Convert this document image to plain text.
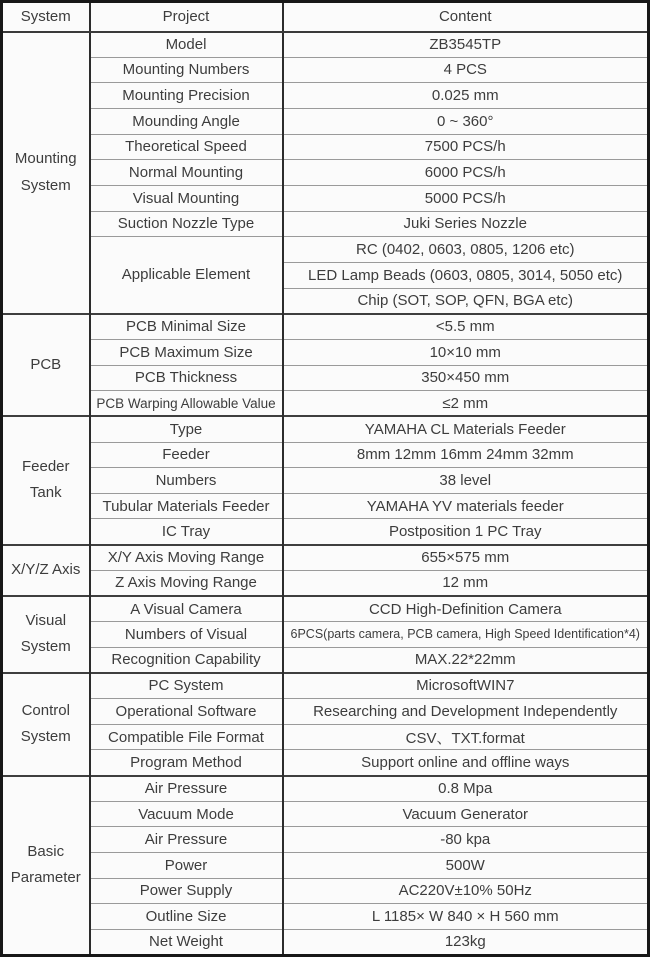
System	Project	Content
Mounting System	Model	ZB3545TP
	Mounting Numbers	4 PCS
	Mounting Precision	0.025 mm
	Mounding Angle	0 ~ 360°
	Theoretical Speed	7500 PCS/h
	Normal Mounting	6000 PCS/h
	Visual Mounting	5000 PCS/h
	Suction Nozzle Type	Juki Series Nozzle
	Applicable Element	RC (0402, 0603, 0805, 1206 etc)
		LED Lamp Beads (0603, 0805, 3014, 5050 etc)
		Chip (SOT, SOP, QFN, BGA etc)
PCB	PCB Minimal Size	<5.5 mm
	PCB Maximum Size	10×10 mm
	PCB Thickness	350×450 mm
	PCB Warping Allowable Value	≤2 mm
Feeder Tank	Type	YAMAHA CL Materials Feeder
	Feeder	8mm 12mm 16mm 24mm 32mm
	Numbers	38 level
	Tubular Materials Feeder	YAMAHA YV materials feeder
	IC Tray	Postposition 1 PC Tray
X/Y/Z Axis	X/Y Axis Moving Range	655×575 mm
	Z Axis Moving Range	12 mm
Visual System	A Visual Camera	CCD High-Definition Camera
	Numbers of Visual	6PCS(parts camera, PCB camera, High Speed Identification*4)
	Recognition Capability	MAX.22*22mm
Control System	PC System	MicrosoftWIN7
	Operational Software	Researching and Development Independently
	Compatible File Format	CSV、TXT.format
	Program Method	Support online and offline ways
Basic Parameter	Air Pressure	0.8 Mpa
	Vacuum Mode	Vacuum Generator
	Air Pressure	-80 kpa
	Power	500W
	Power Supply	AC220V±10% 50Hz
	Outline Size	L 1185× W 840 × H 560 mm
	Net Weight	123kg
